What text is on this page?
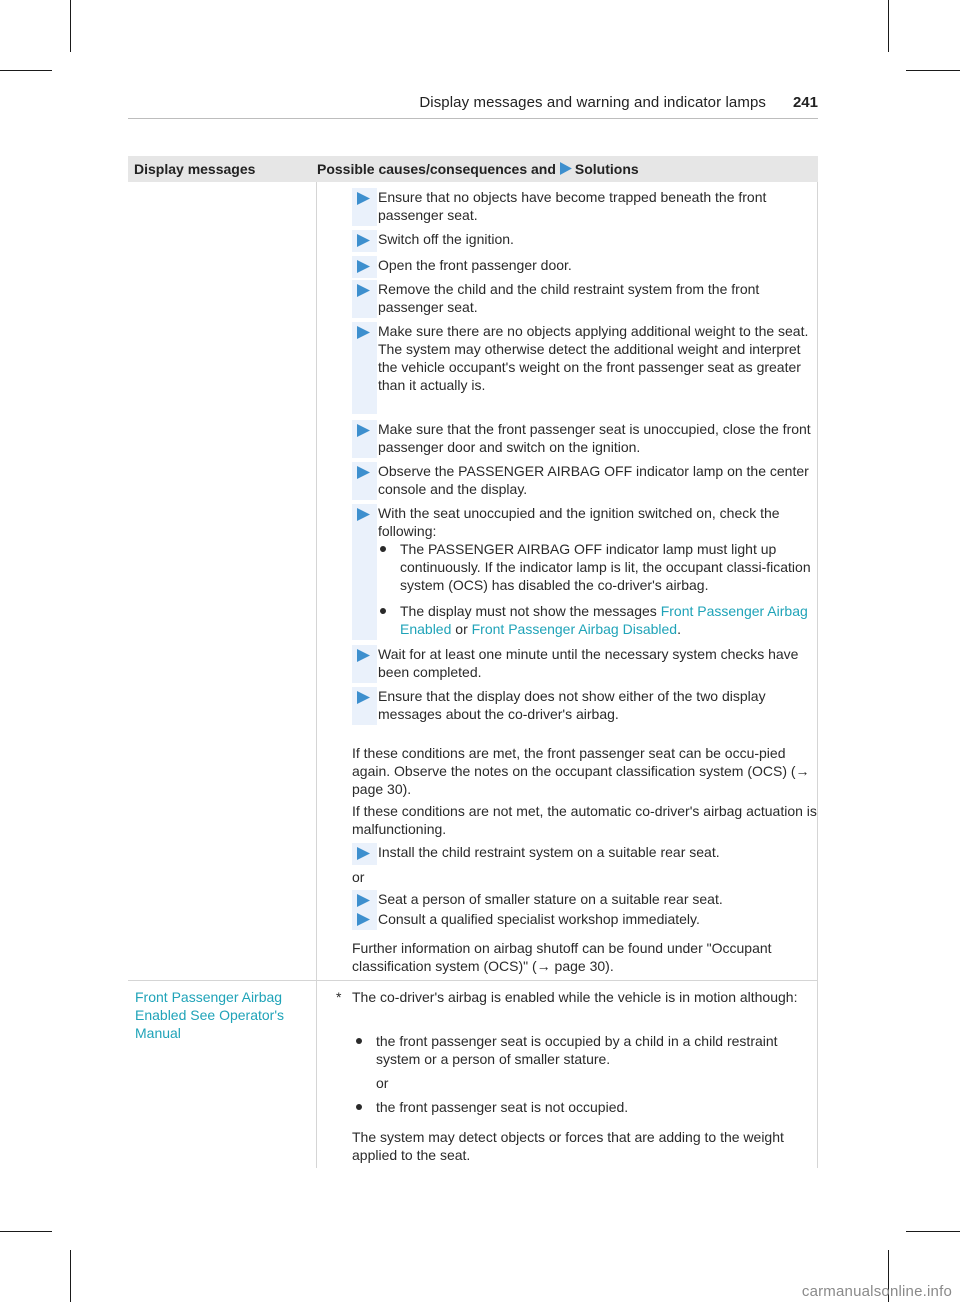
Display messages and warning and indicator lamps 241
Display messages	Possible causes/consequences and Solutions
Ensure that no objects have become trapped beneath the front passenger seat.
Switch off the ignition.
Open the front passenger door.
Remove the child and the child restraint system from the front passenger seat.
Make sure there are no objects applying additional weight to the seat.
The system may otherwise detect the additional weight and interpret the vehicle occupant's weight on the front passenger seat as greater than it actually is.
Make sure that the front passenger seat is unoccupied, close the front passenger door and switch on the ignition.
Observe the PASSENGER AIRBAG OFF indicator lamp on the center console and the display.
With the seat unoccupied and the ignition switched on, check the following:
The PASSENGER AIRBAG OFF indicator lamp must light up continuously. If the indicator lamp is lit, the occupant classi-fication system (OCS) has disabled the co-driver's airbag.
The display must not show the messages Front Passenger Airbag Enabled or Front Passenger Airbag Disabled.
Wait for at least one minute until the necessary system checks have been completed.
Ensure that the display does not show either of the two display messages about the co-driver's airbag.
If these conditions are met, the front passenger seat can be occu-pied again. Observe the notes on the occupant classification system (OCS) (→ page 30).
If these conditions are not met, the automatic co-driver's airbag actuation is malfunctioning.
Install the child restraint system on a suitable rear seat.
or
Seat a person of smaller stature on a suitable rear seat.
Consult a qualified specialist workshop immediately.
Further information on airbag shutoff can be found under "Occupant classification system (OCS)" (→ page 30).
Front Passenger Airbag Enabled See Operator's Manual
* The co-driver's airbag is enabled while the vehicle is in motion although:
the front passenger seat is occupied by a child in a child restraint system or a person of smaller stature.
or
the front passenger seat is not occupied.
The system may detect objects or forces that are adding to the weight applied to the seat.
carmanualsonline.info
